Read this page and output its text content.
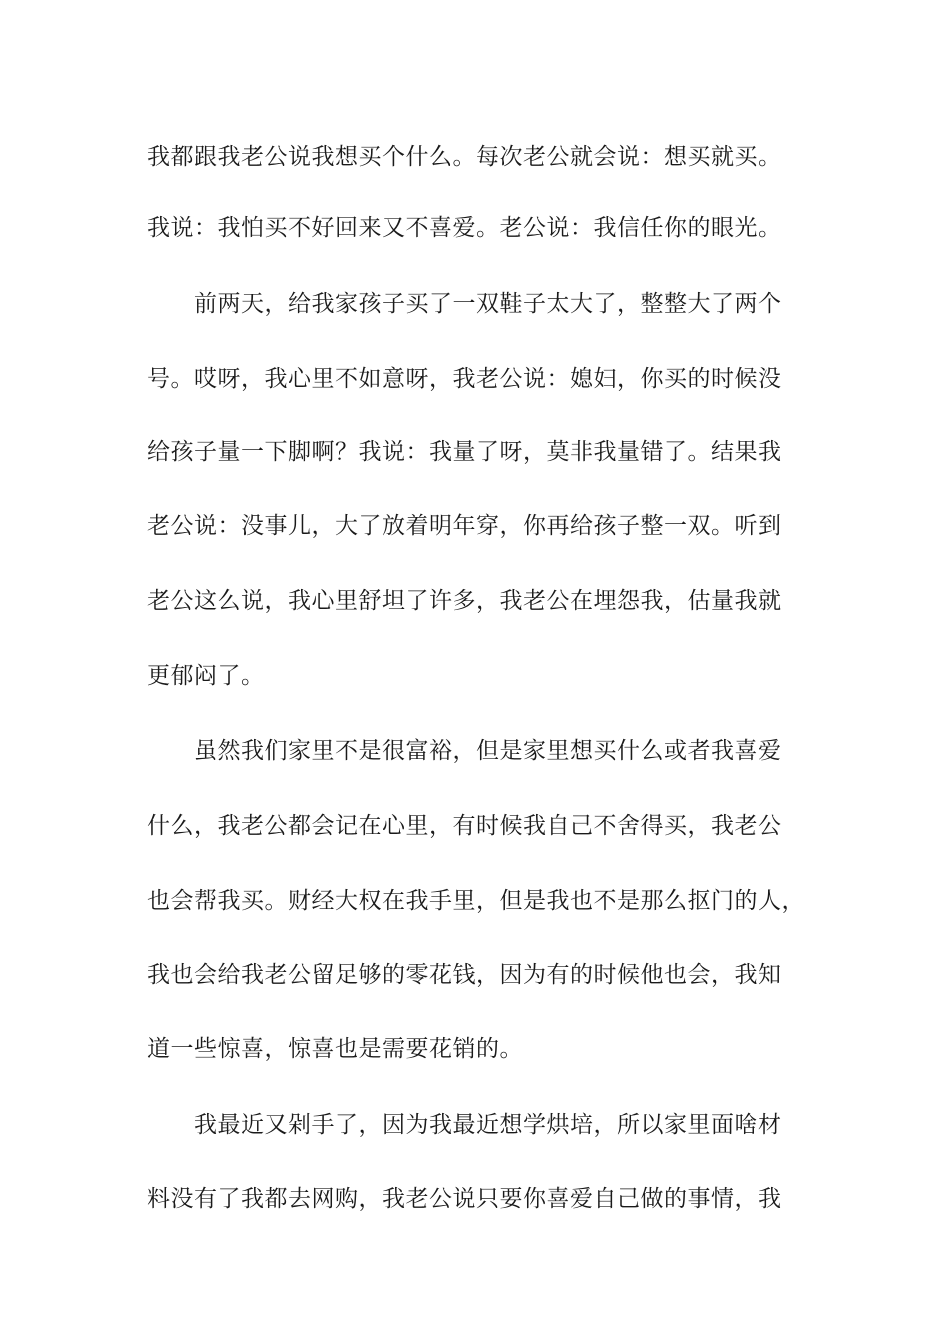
我都跟我老公说我想买个什么。每次老公就会说：想买就买。
我说：我怕买不好回来又不喜爱。老公说：我信任你的眼光。
前两天，给我家孩子买了一双鞋子太大了，整整大了两个
号。哎呀，我心里不如意呀，我老公说：媳妇，你买的时候没
给孩子量一下脚啊？我说：我量了呀，莫非我量错了。结果我
老公说：没事儿，大了放着明年穿，你再给孩子整一双。听到
老公这么说，我心里舒坦了许多，我老公在埋怨我，估量我就
更郁闷了。
虽然我们家里不是很富裕，但是家里想买什么或者我喜爱
什么，我老公都会记在心里，有时候我自己不舍得买，我老公
也会帮我买。财经大权在我手里，但是我也不是那么抠门的人，
我也会给我老公留足够的零花钱，因为有的时候他也会，我知
道一些惊喜，惊喜也是需要花销的。
我最近又剁手了，因为我最近想学烘培，所以家里面啥材
料没有了我都去网购，我老公说只要你喜爱自己做的事情，我
